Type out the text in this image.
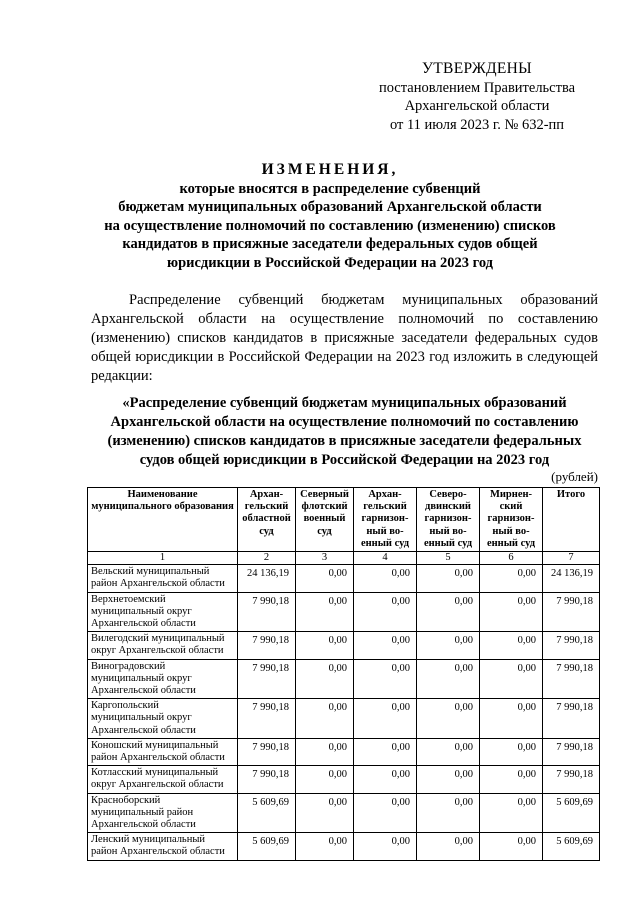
УТВЕРЖДЕНЫ
постановлением Правительства
Архангельской области
от 11 июля 2023 г. № 632-пп
ИЗМЕНЕНИЯ,
которые вносятся в распределение субвенций
бюджетам муниципальных образований Архангельской области
на осуществление полномочий по составлению (изменению) списков
кандидатов в присяжные заседатели федеральных судов общей
юрисдикции в Российской Федерации на 2023 год
Распределение субвенций бюджетам муниципальных образований Архангельской области на осуществление полномочий по составлению (изменению) списков кандидатов в присяжные заседатели федеральных судов общей юрисдикции в Российской Федерации на 2023 год изложить в следующей редакции:
«Распределение субвенций бюджетам муниципальных образований
Архангельской области на осуществление полномочий по составлению
(изменению) списков кандидатов в присяжные заседатели федеральных
судов общей юрисдикции в Российской Федерации на 2023 год
(рублей)
Наименование муниципального образования	Архан-гельский областной суд	Северный флотский военный суд	Архан-гельский гарнизон-ный во-енный суд	Северо-двинский гарнизон-ный во-енный суд	Мирнен-ский гарнизон-ный во-енный суд	Итого
1	2	3	4	5	6	7
Вельский муниципальный район Архангельской области	24 136,19	0,00	0,00	0,00	0,00	24 136,19
Верхнетоемский муниципальный округ Архангельской области	7 990,18	0,00	0,00	0,00	0,00	7 990,18
Вилегодский муниципальный округ Архангельской области	7 990,18	0,00	0,00	0,00	0,00	7 990,18
Виноградовский муниципальный округ Архангельской области	7 990,18	0,00	0,00	0,00	0,00	7 990,18
Каргопольский муниципальный округ Архангельской области	7 990,18	0,00	0,00	0,00	0,00	7 990,18
Коношский муниципальный район Архангельской области	7 990,18	0,00	0,00	0,00	0,00	7 990,18
Котласский муниципальный округ Архангельской области	7 990,18	0,00	0,00	0,00	0,00	7 990,18
Красноборский муниципальный район Архангельской области	5 609,69	0,00	0,00	0,00	0,00	5 609,69
Ленский муниципальный район Архангельской области	5 609,69	0,00	0,00	0,00	0,00	5 609,69
